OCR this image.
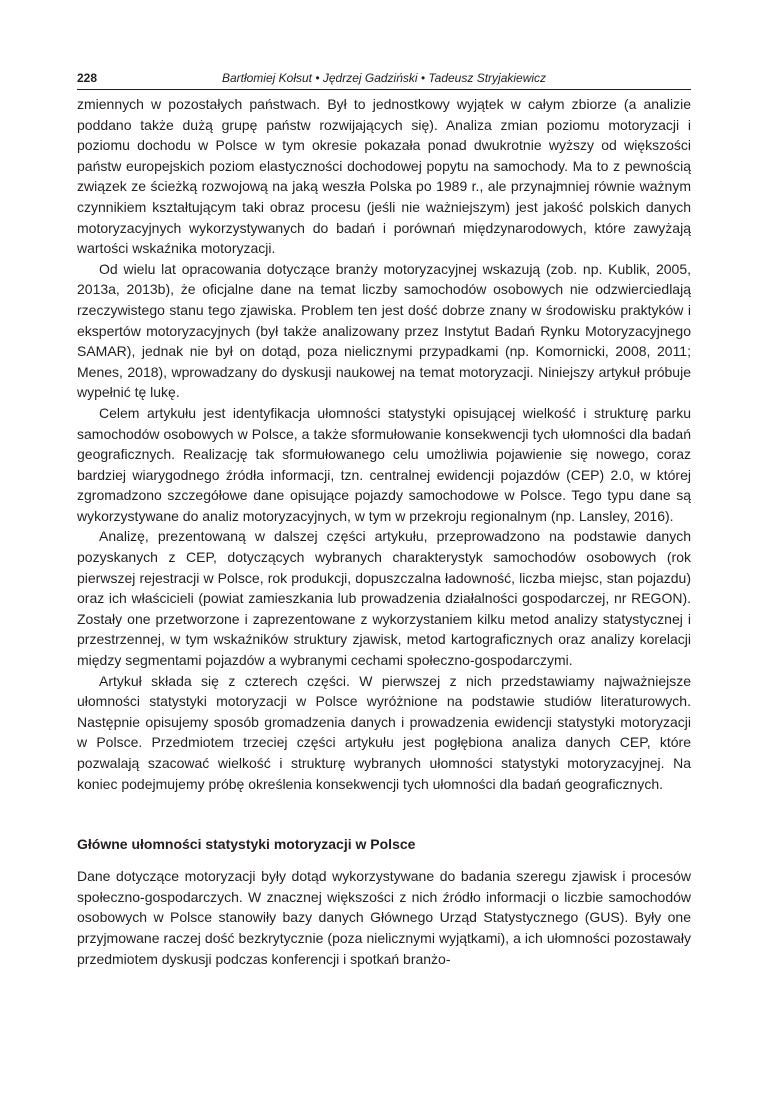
228	Bartłomiej Kołsut • Jędrzej Gadziński • Tadeusz Stryjakiewicz

zmiennych w pozostałych państwach. Był to jednostkowy wyjątek w całym zbiorze (a analizie poddano także dużą grupę państw rozwijających się). Analiza zmian poziomu motoryzacji i poziomu dochodu w Polsce w tym okresie pokazała ponad dwukrotnie wyższy od większości państw europejskich poziom elastyczności dochodowej popytu na samochody. Ma to z pewnością związek ze ścieżką rozwojową na jaką weszła Polska po 1989 r., ale przynajmniej równie ważnym czynnikiem kształtującym taki obraz procesu (jeśli nie ważniejszym) jest jakość polskich danych motoryzacyjnych wykorzystywanych do badań i porównań międzynarodowych, które zawyżają wartości wskaźnika motoryzacji.

Od wielu lat opracowania dotyczące branży motoryzacyjnej wskazują (zob. np. Kublik, 2005, 2013a, 2013b), że oficjalne dane na temat liczby samochodów osobowych nie odzwierciedlają rzeczywistego stanu tego zjawiska. Problem ten jest dość dobrze znany w środowisku praktyków i ekspertów motoryzacyjnych (był także analizowany przez Instytut Badań Rynku Motoryzacyjnego SAMAR), jednak nie był on dotąd, poza nielicznymi przypadkami (np. Komornicki, 2008, 2011; Menes, 2018), wprowadzany do dyskusji naukowej na temat motoryzacji. Niniejszy artykuł próbuje wypełnić tę lukę.

Celem artykułu jest identyfikacja ułomności statystyki opisującej wielkość i strukturę parku samochodów osobowych w Polsce, a także sformułowanie konsekwencji tych ułomności dla badań geograficznych. Realizację tak sformułowanego celu umożliwia pojawienie się nowego, coraz bardziej wiarygodnego źródła informacji, tzn. centralnej ewidencji pojazdów (CEP) 2.0, w której zgromadzono szczegółowe dane opisujące pojazdy samochodowe w Polsce. Tego typu dane są wykorzystywane do analiz motoryzacyjnych, w tym w przekroju regionalnym (np. Lansley, 2016).

Analizę, prezentowaną w dalszej części artykułu, przeprowadzono na podstawie danych pozyskanych z CEP, dotyczących wybranych charakterystyk samochodów osobowych (rok pierwszej rejestracji w Polsce, rok produkcji, dopuszczalna ładowność, liczba miejsc, stan pojazdu) oraz ich właścicieli (powiat zamieszkania lub prowadzenia działalności gospodarczej, nr REGON). Zostały one przetworzone i zaprezentowane z wykorzystaniem kilku metod analizy statystycznej i przestrzennej, w tym wskaźników struktury zjawisk, metod kartograficznych oraz analizy korelacji między segmentami pojazdów a wybranymi cechami społeczno-gospodarczymi.

Artykuł składa się z czterech części. W pierwszej z nich przedstawiamy najważniejsze ułomności statystyki motoryzacji w Polsce wyróżnione na podstawie studiów literaturowych. Następnie opisujemy sposób gromadzenia danych i prowadzenia ewidencji statystyki motoryzacji w Polsce. Przedmiotem trzeciej części artykułu jest pogłębiona analiza danych CEP, które pozwalają szacować wielkość i strukturę wybranych ułomności statystyki motoryzacyjnej. Na koniec podejmujemy próbę określenia konsekwencji tych ułomności dla badań geograficznych.

Główne ułomności statystyki motoryzacji w Polsce

Dane dotyczące motoryzacji były dotąd wykorzystywane do badania szeregu zjawisk i procesów społeczno-gospodarczych. W znacznej większości z nich źródło informacji o liczbie samochodów osobowych w Polsce stanowiły bazy danych Głównego Urząd Statystycznego (GUS). Były one przyjmowane raczej dość bezkrytycznie (poza nielicznymi wyjątkami), a ich ułomności pozostawały przedmiotem dyskusji podczas konferencji i spotkań branżo-
